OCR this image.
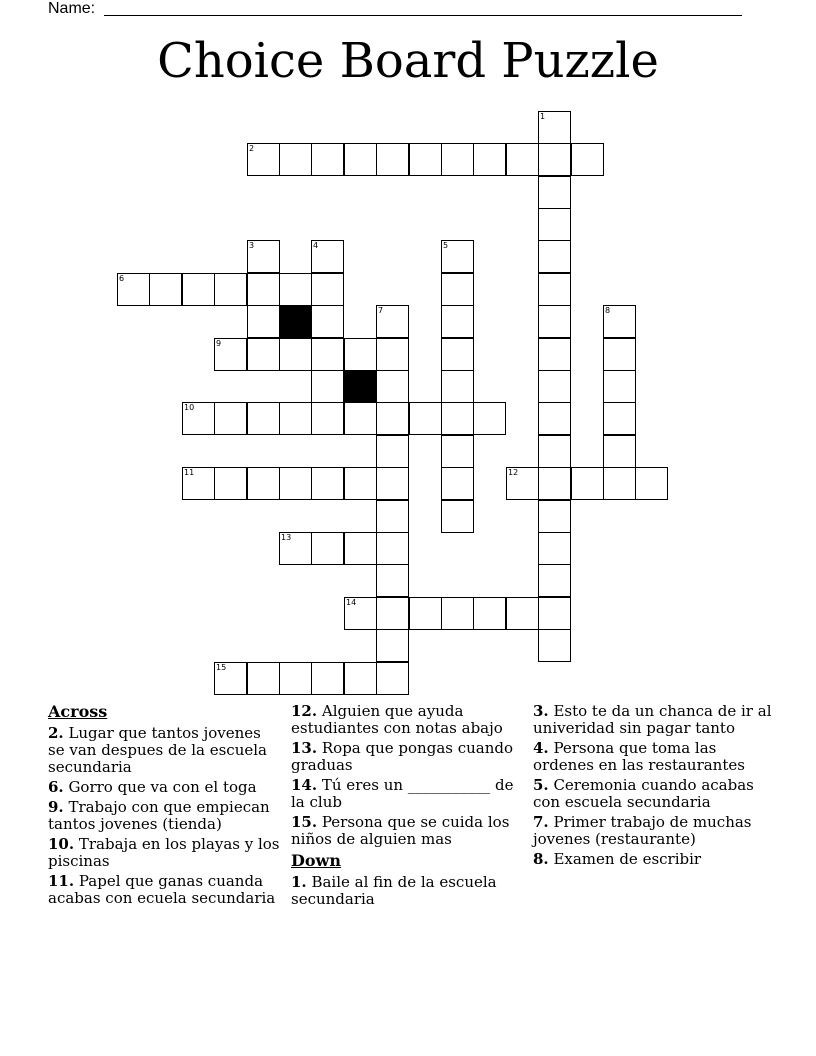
Name:
Choice Board Puzzle
1
2
3	4	5
6
7	8
9
10
11	12
13
14
15
Across
2. Lugar que tantos jovenes se van despues de la escuela secundaria
6. Gorro que va con el toga
9. Trabajo con que empiecan tantos jovenes (tienda)
10. Trabaja en los playas y los piscinas
11. Papel que ganas cuanda acabas con ecuela secundaria
12. Alguien que ayuda estudiantes con notas abajo
13. Ropa que pongas cuando graduas
14. Tú eres un ___________ de la club
15. Persona que se cuida los niños de alguien mas
Down
1. Baile al fin de la escuela secundaria
3. Esto te da un chanca de ir al univeridad sin pagar tanto
4. Persona que toma las ordenes en las restaurantes
5. Ceremonia cuando acabas con escuela secundaria
7. Primer trabajo de muchas jovenes (restaurante)
8. Examen de escribir
